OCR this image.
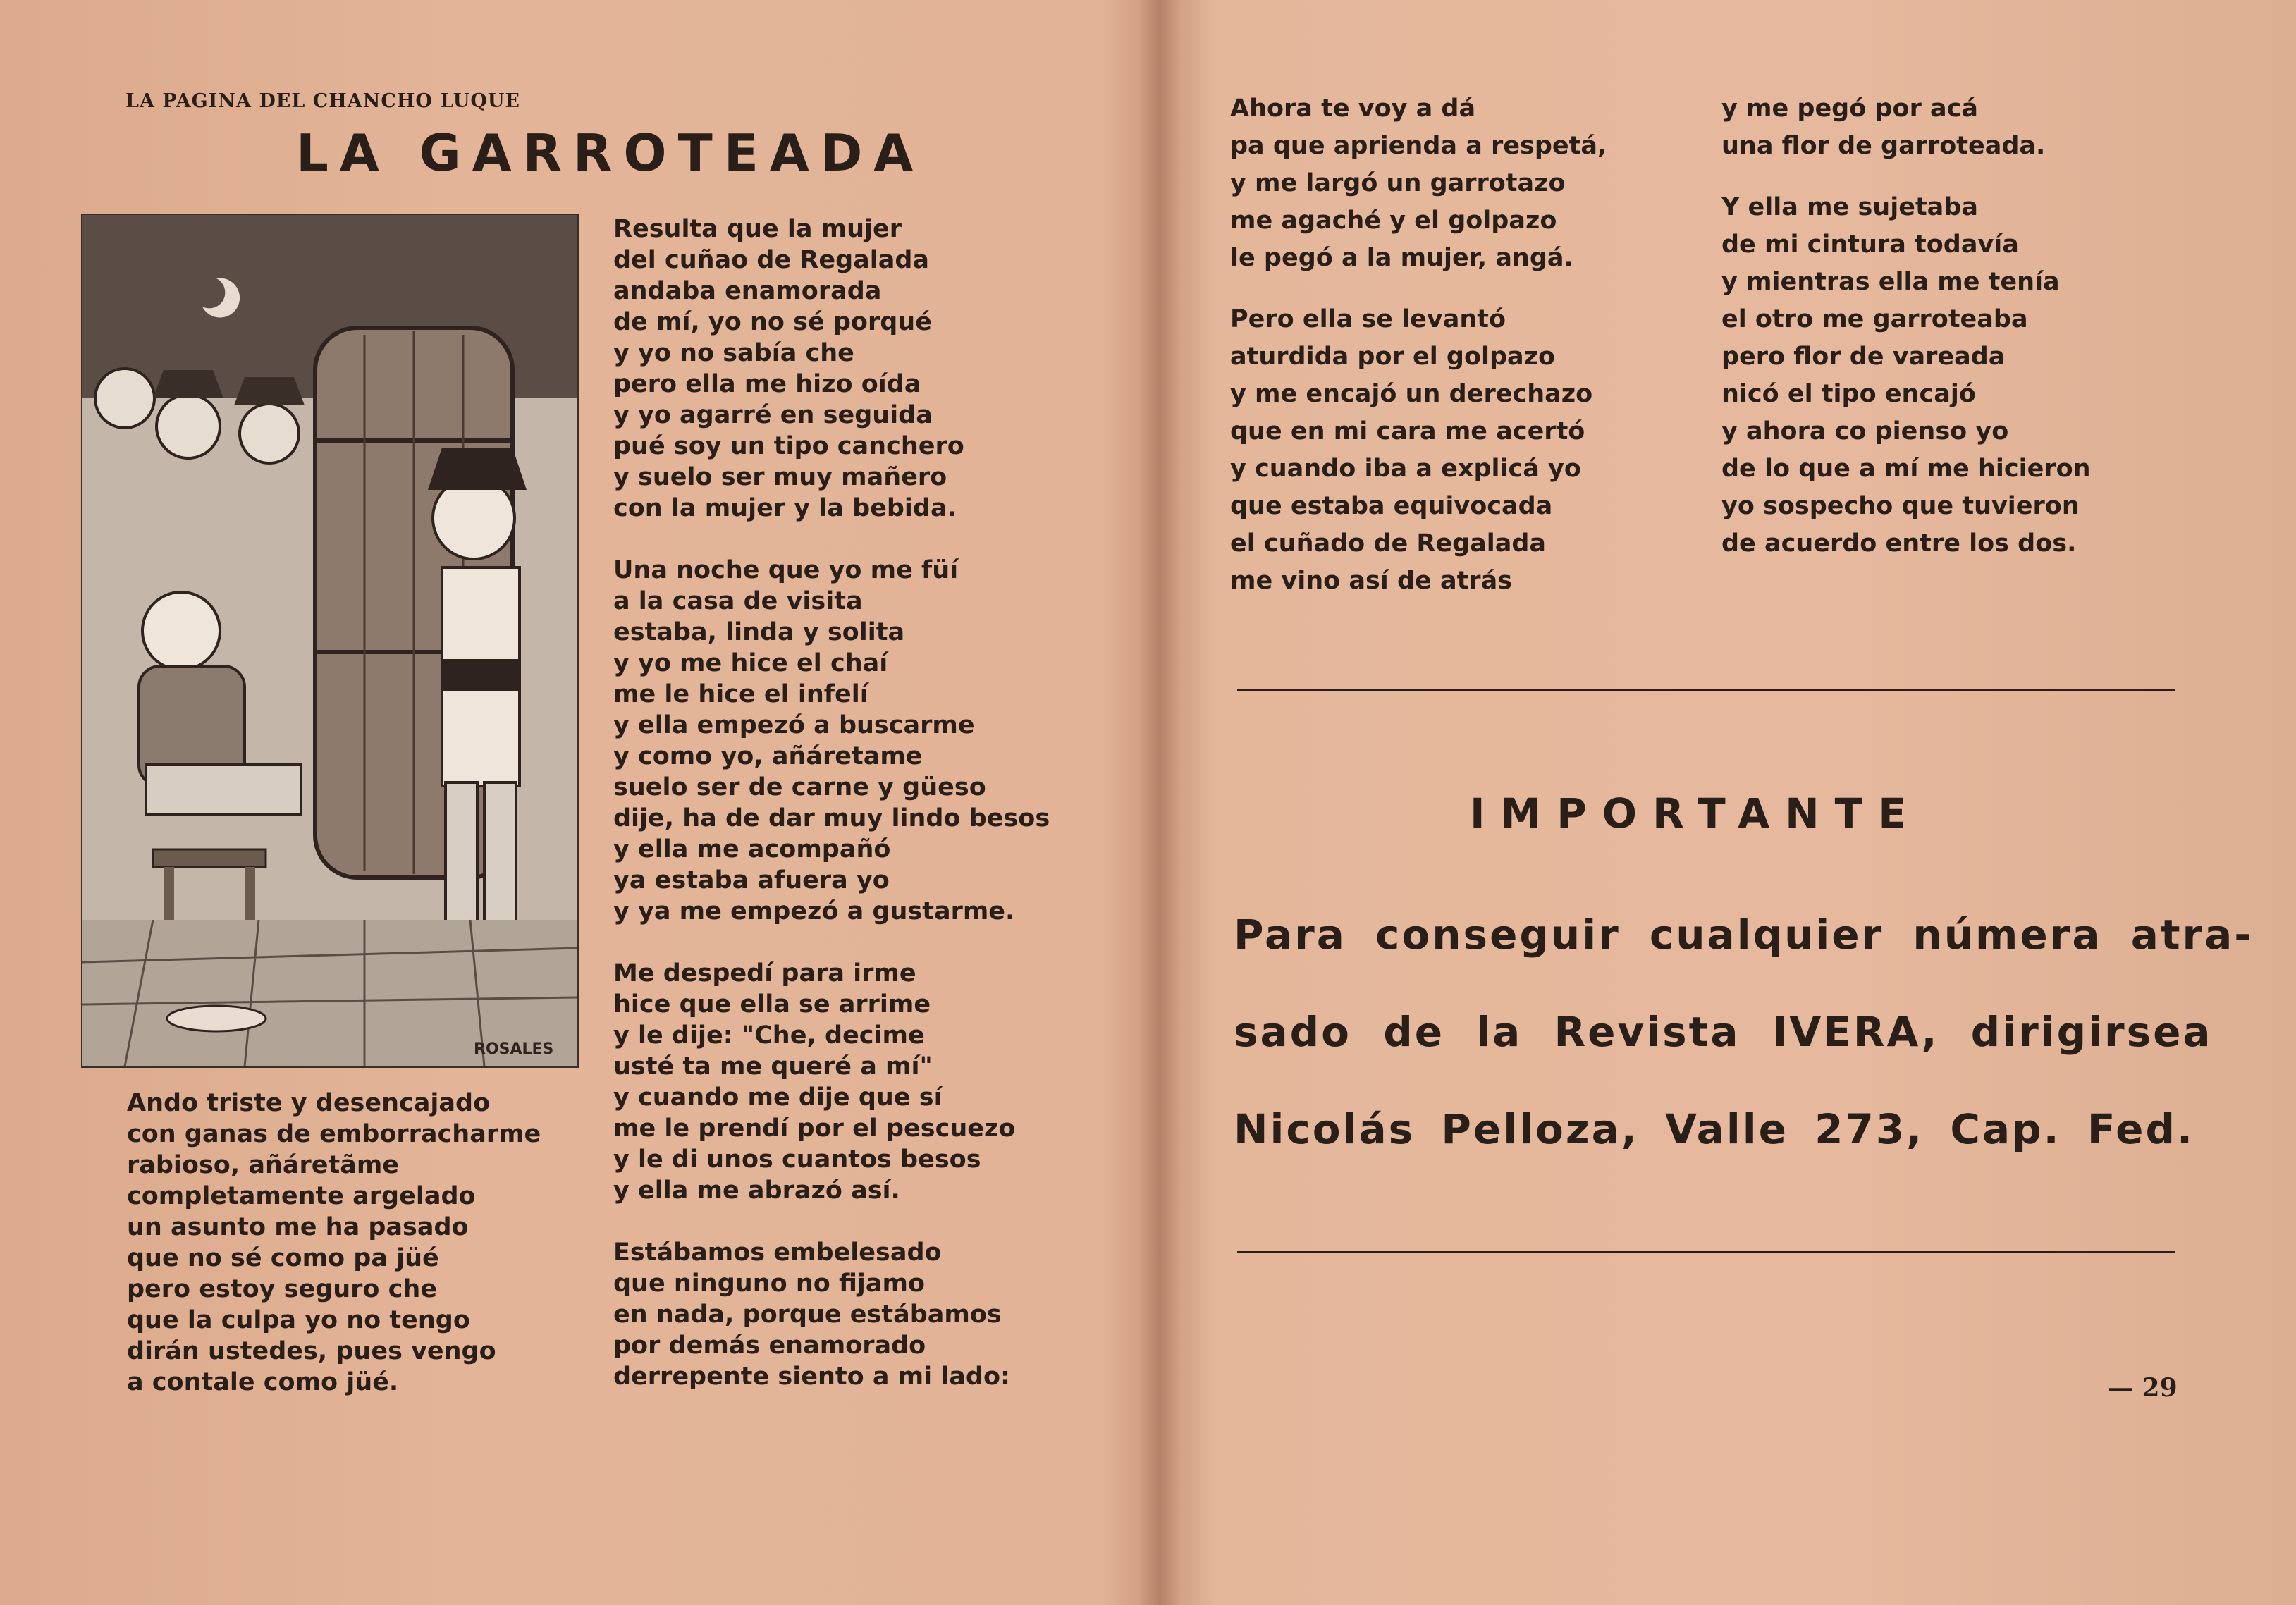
LA PAGINA DEL CHANCHO LUQUE
LA GARROTEADA
ROSALES
Ando triste y desencajado
con ganas de emborracharme
rabioso, añáretãme
completamente argelado
un asunto me ha pasado
que no sé como pa jüé
pero estoy seguro che
que la culpa yo no tengo
dirán ustedes, pues vengo
a contale como jüé.
Resulta que la mujer
del cuñao de Regalada
andaba enamorada
de mí, yo no sé porqué
y yo no sabía che
pero ella me hizo oída
y yo agarré en seguida
pué soy un tipo canchero
y suelo ser muy mañero
con la mujer y la bebida.
Una noche que yo me füí
a la casa de visita
estaba, linda y solita
y yo me hice el chaí
me le hice el infelí
y ella empezó a buscarme
y como yo, añáretame
suelo ser de carne y güeso
dije, ha de dar muy lindo besos
y ella me acompañó
ya estaba afuera yo
y ya me empezó a gustarme.
Me despedí para irme
hice que ella se arrime
y le dije: "Che, decime
usté ta me queré a mí"
y cuando me dije que sí
me le prendí por el pescuezo
y le di unos cuantos besos
y ella me abrazó así.
Estábamos embelesado
que ninguno no fijamo
en nada, porque estábamos
por demás enamorado
derrepente siento a mi lado:
Ahora te voy a dá
pa que aprienda a respetá,
y me largó un garrotazo
me agaché y el golpazo
le pegó a la mujer, angá.
Pero ella se levantó
aturdida por el golpazo
y me encajó un derechazo
que en mi cara me acertó
y cuando iba a explicá yo
que estaba equivocada
el cuñado de Regalada
me vino así de atrás
y me pegó por acá
una flor de garroteada.
Y ella me sujetaba
de mi cintura todavía
y mientras ella me tenía
el otro me garroteaba
pero flor de vareada
nicó el tipo encajó
y ahora co pienso yo
de lo que a mí me hicieron
yo sospecho que tuvieron
de acuerdo entre los dos.
IMPORTANTE
Para conseguir cualquier númera atra-
sado de la Revista IVERA, dirigirsea
Nicolás Pelloza, Valle 273, Cap. Fed.
— 29
